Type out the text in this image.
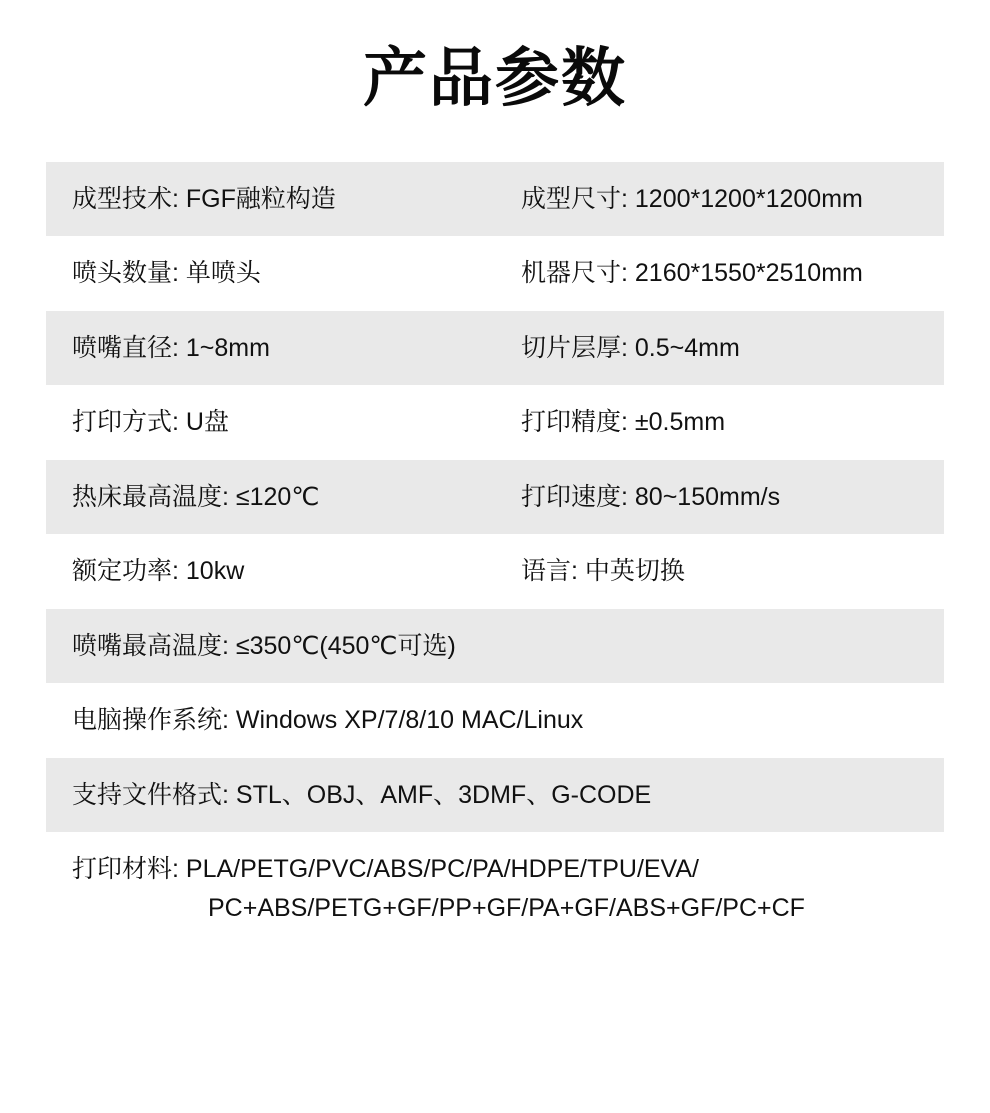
产品参数
成型技术: FGF融粒构造	成型尺寸: 1200*1200*1200mm
喷头数量: 单喷头	机器尺寸: 2160*1550*2510mm
喷嘴直径: 1~8mm	切片层厚: 0.5~4mm
打印方式: U盘	打印精度: ±0.5mm
热床最高温度: ≤120℃	打印速度: 80~150mm/s
额定功率: 10kw	语言: 中英切换
喷嘴最高温度: ≤350℃(450℃可选)
电脑操作系统: Windows XP/7/8/10 MAC/Linux
支持文件格式: STL、OBJ、AMF、3DMF、G-CODE
打印材料: PLA/PETG/PVC/ABS/PC/PA/HDPE/TPU/EVA/
PC+ABS/PETG+GF/PP+GF/PA+GF/ABS+GF/PC+CF
